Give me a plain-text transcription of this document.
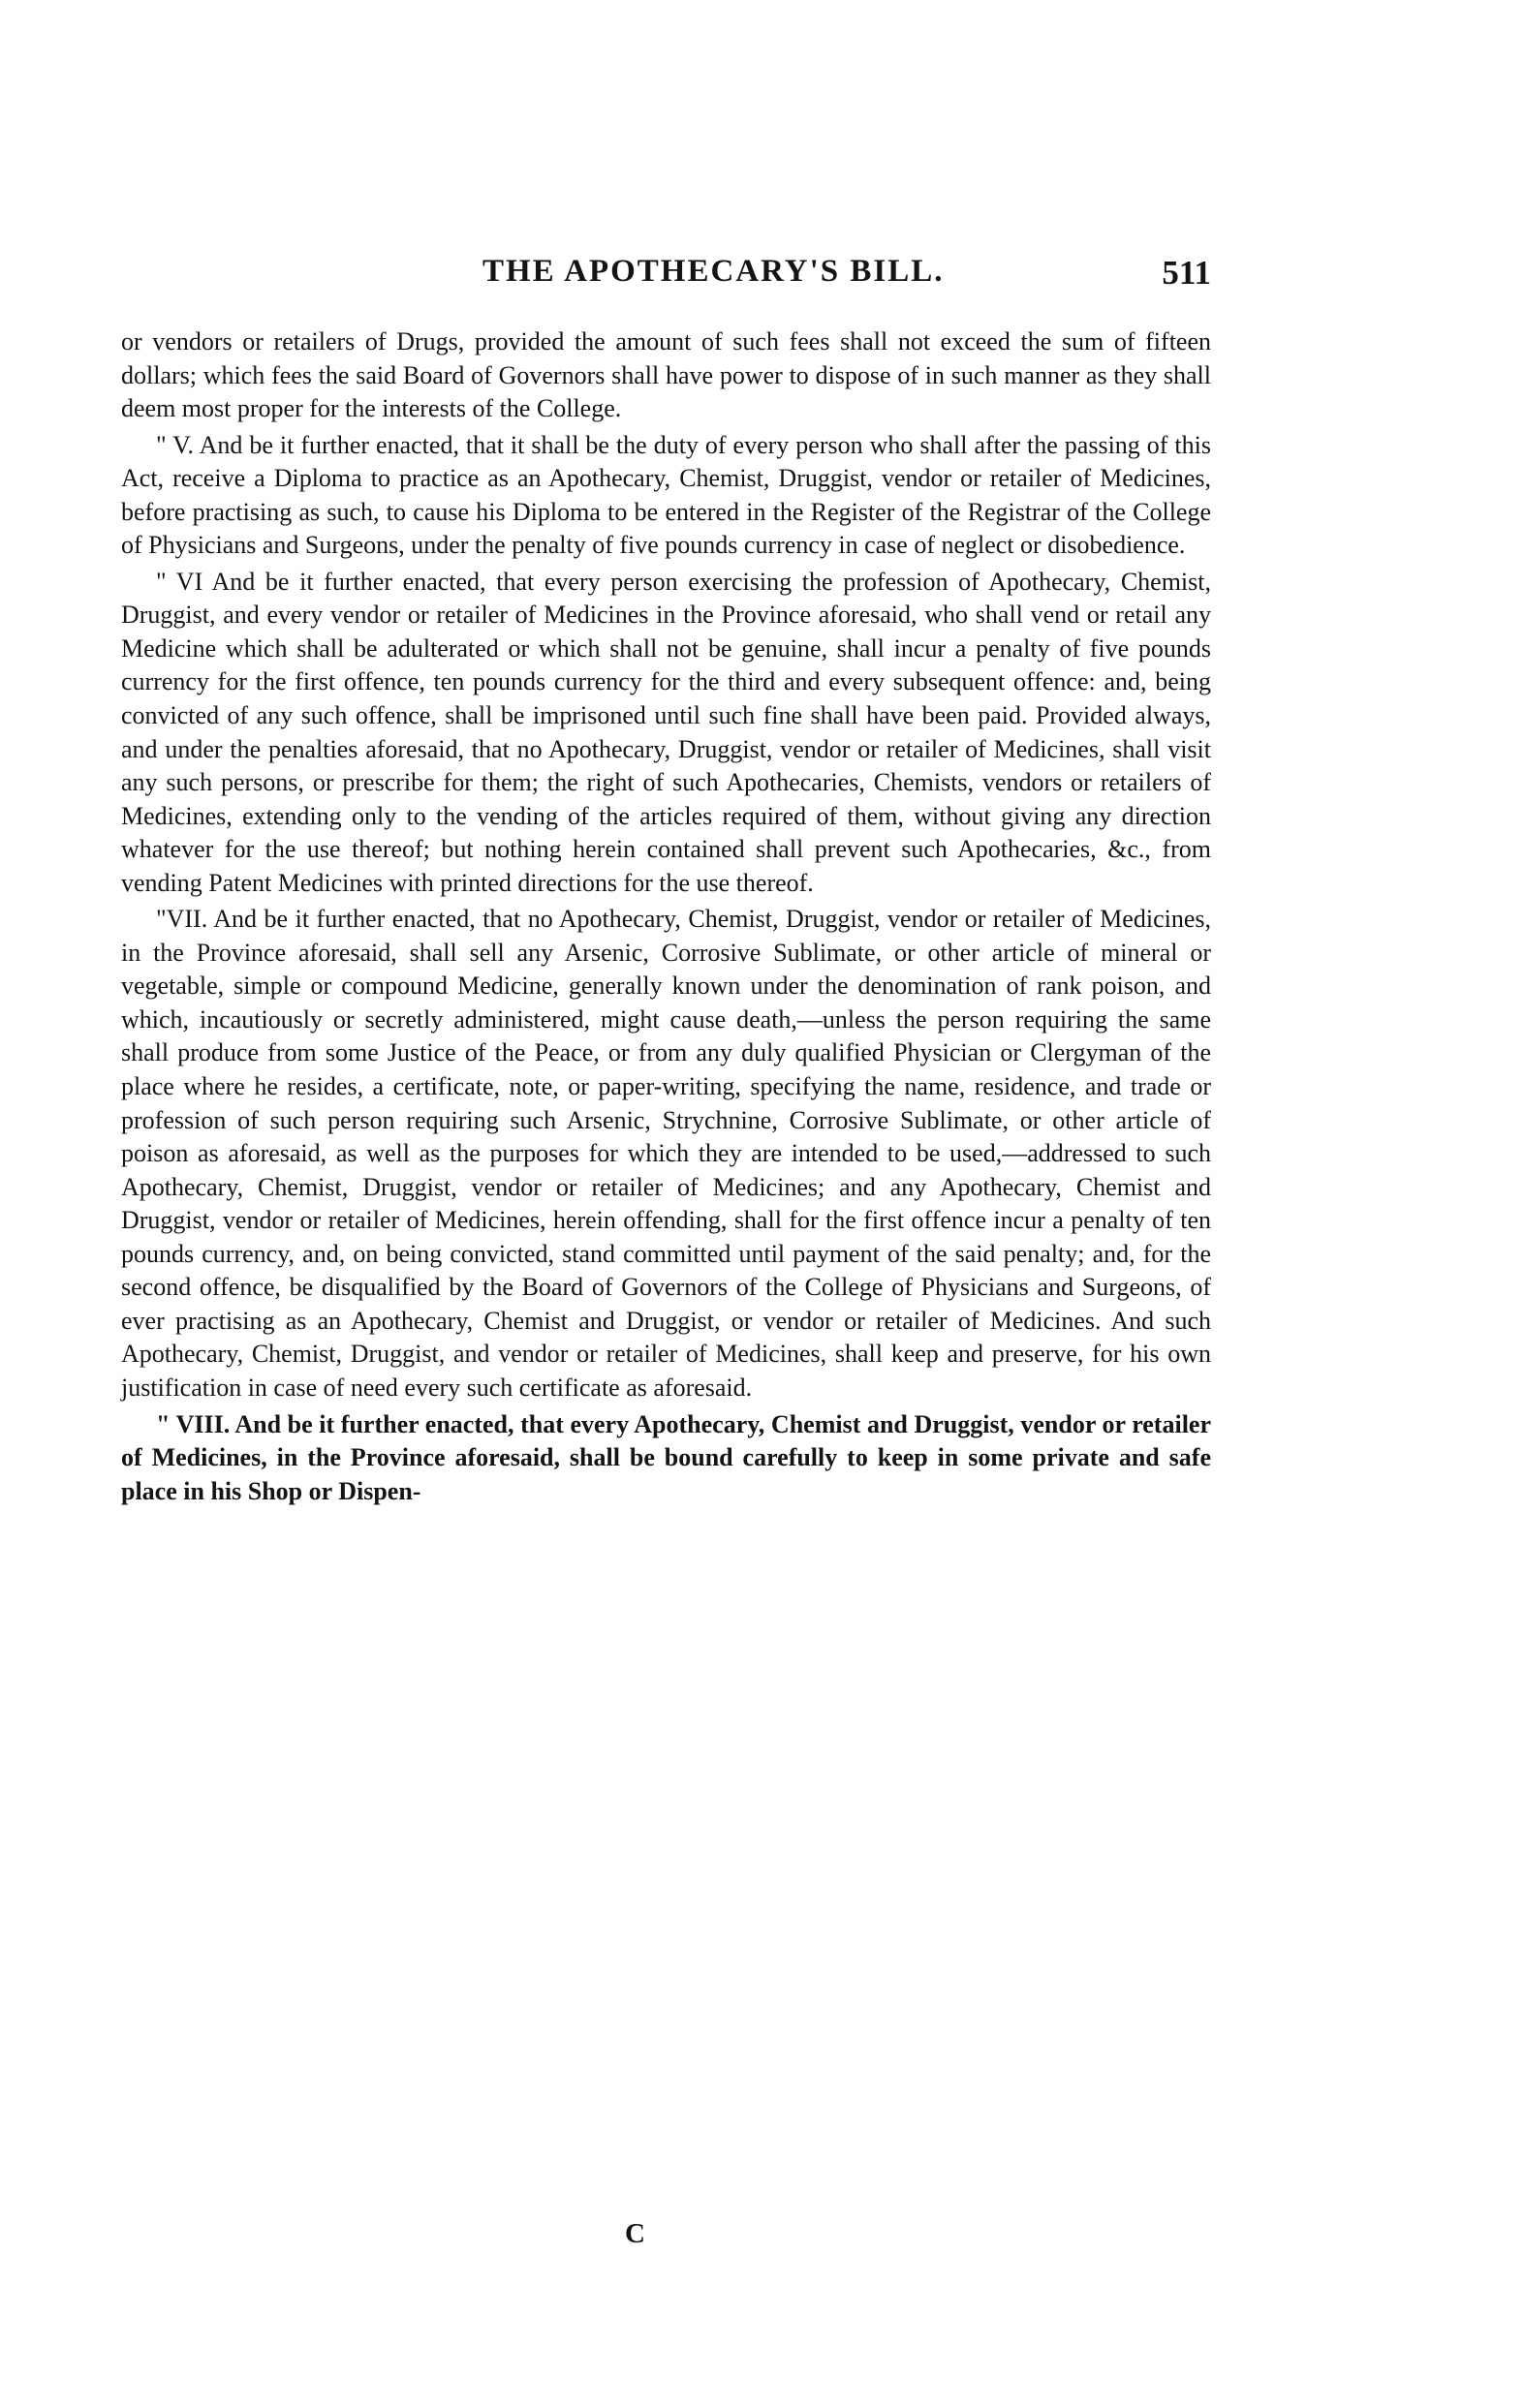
THE APOTHECARY'S BILL.	511

or vendors or retailers of Drugs, provided the amount of such fees shall not exceed the sum of fifteen dollars; which fees the said Board of Governors shall have power to dispose of in such manner as they shall deem most proper for the interests of the College.

" V. And be it further enacted, that it shall be the duty of every person who shall after the passing of this Act, receive a Diploma to practice as an Apothecary, Chemist, Druggist, vendor or retailer of Medicines, before practising as such, to cause his Diploma to be entered in the Register of the Registrar of the College of Physicians and Surgeons, under the penalty of five pounds currency in case of neglect or disobedience.

" VI And be it further enacted, that every person exercising the profession of Apothecary, Chemist, Druggist, and every vendor or retailer of Medicines in the Province aforesaid, who shall vend or retail any Medicine which shall be adulterated or which shall not be genuine, shall incur a penalty of five pounds currency for the first offence, ten pounds currency for the third and every subsequent offence: and, being convicted of any such offence, shall be imprisoned until such fine shall have been paid. Provided always, and under the penalties aforesaid, that no Apothecary, Druggist, vendor or retailer of Medicines, shall visit any such persons, or prescribe for them; the right of such Apothecaries, Chemists, vendors or retailers of Medicines, extending only to the vending of the articles required of them, without giving any direction whatever for the use thereof; but nothing herein contained shall prevent such Apothecaries, &c., from vending Patent Medicines with printed directions for the use thereof.

"VII. And be it further enacted, that no Apothecary, Chemist, Druggist, vendor or retailer of Medicines, in the Province aforesaid, shall sell any Arsenic, Corrosive Sublimate, or other article of mineral or vegetable, simple or compound Medicine, generally known under the denomination of rank poison, and which, incautiously or secretly administered, might cause death,—unless the person requiring the same shall produce from some Justice of the Peace, or from any duly qualified Physician or Clergyman of the place where he resides, a certificate, note, or paper-writing, specifying the name, residence, and trade or profession of such person requiring such Arsenic, Strychnine, Corrosive Sublimate, or other article of poison as aforesaid, as well as the purposes for which they are intended to be used,—addressed to such Apothecary, Chemist, Druggist, vendor or retailer of Medicines; and any Apothecary, Chemist and Druggist, vendor or retailer of Medicines, herein offending, shall for the first offence incur a penalty of ten pounds currency, and, on being convicted, stand committed until payment of the said penalty; and, for the second offence, be disqualified by the Board of Governors of the College of Physicians and Surgeons, of ever practising as an Apothecary, Chemist and Druggist, or vendor or retailer of Medicines. And such Apothecary, Chemist, Druggist, and vendor or retailer of Medicines, shall keep and preserve, for his own justification in case of need every such certificate as aforesaid.

" VIII. And be it further enacted, that every Apothecary, Chemist and Druggist, vendor or retailer of Medicines, in the Province aforesaid, shall be bound carefully to keep in some private and safe place in his Shop or Dispen-

C
